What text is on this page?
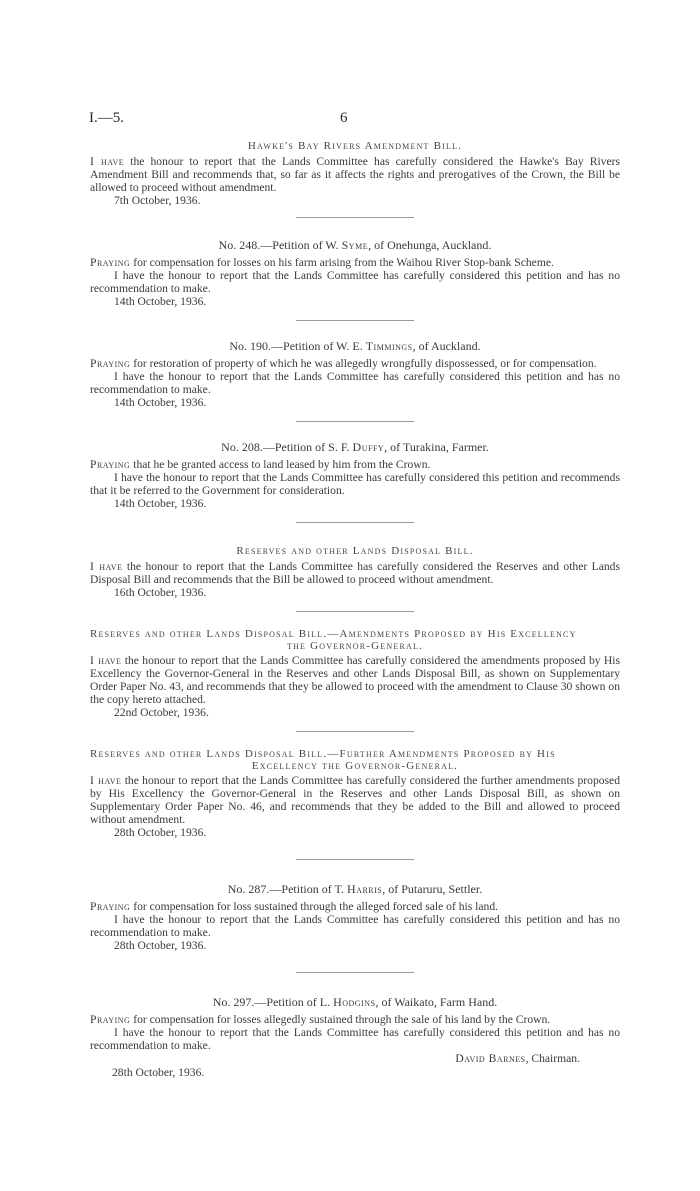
I.—5.	6

Hawke's Bay Rivers Amendment Bill.

I have the honour to report that the Lands Committee has carefully considered the Hawke's Bay Rivers Amendment Bill and recommends that, so far as it affects the rights and prerogatives of the Crown, the Bill be allowed to proceed without amendment.

7th October, 1936.

No. 248.—Petition of W. Syme, of Onehunga, Auckland.

Praying for compensation for losses on his farm arising from the Waihou River Stop-bank Scheme.

I have the honour to report that the Lands Committee has carefully considered this petition and has no recommendation to make.

14th October, 1936.

No. 190.—Petition of W. E. Timmings, of Auckland.

Praying for restoration of property of which he was allegedly wrongfully dispossessed, or for compensation.

I have the honour to report that the Lands Committee has carefully considered this petition and has no recommendation to make.

14th October, 1936.

No. 208.—Petition of S. F. Duffy, of Turakina, Farmer.

Praying that he be granted access to land leased by him from the Crown.

I have the honour to report that the Lands Committee has carefully considered this petition and recommends that it be referred to the Government for consideration.

14th October, 1936.

Reserves and other Lands Disposal Bill.

I have the honour to report that the Lands Committee has carefully considered the Reserves and other Lands Disposal Bill and recommends that the Bill be allowed to proceed without amendment.

16th October, 1936.

Reserves and other Lands Disposal Bill.—Amendments Proposed by His Excellency
the Governor-General.

I have the honour to report that the Lands Committee has carefully considered the amendments proposed by His Excellency the Governor-General in the Reserves and other Lands Disposal Bill, as shown on Supplementary Order Paper No. 43, and recommends that they be allowed to proceed with the amendment to Clause 30 shown on the copy hereto attached.

22nd October, 1936.

Reserves and other Lands Disposal Bill.—Further Amendments Proposed by His
Excellency the Governor-General.

I have the honour to report that the Lands Committee has carefully considered the further amendments proposed by His Excellency the Governor-General in the Reserves and other Lands Disposal Bill, as shown on Supplementary Order Paper No. 46, and recommends that they be added to the Bill and allowed to proceed without amendment.

28th October, 1936.

No. 287.—Petition of T. Harris, of Putaruru, Settler.

Praying for compensation for loss sustained through the alleged forced sale of his land.

I have the honour to report that the Lands Committee has carefully considered this petition and has no recommendation to make.

28th October, 1936.

No. 297.—Petition of L. Hodgins, of Waikato, Farm Hand.

Praying for compensation for losses allegedly sustained through the sale of his land by the Crown.

I have the honour to report that the Lands Committee has carefully considered this petition and has no recommendation to make.

David Barnes, Chairman.
28th October, 1936.
